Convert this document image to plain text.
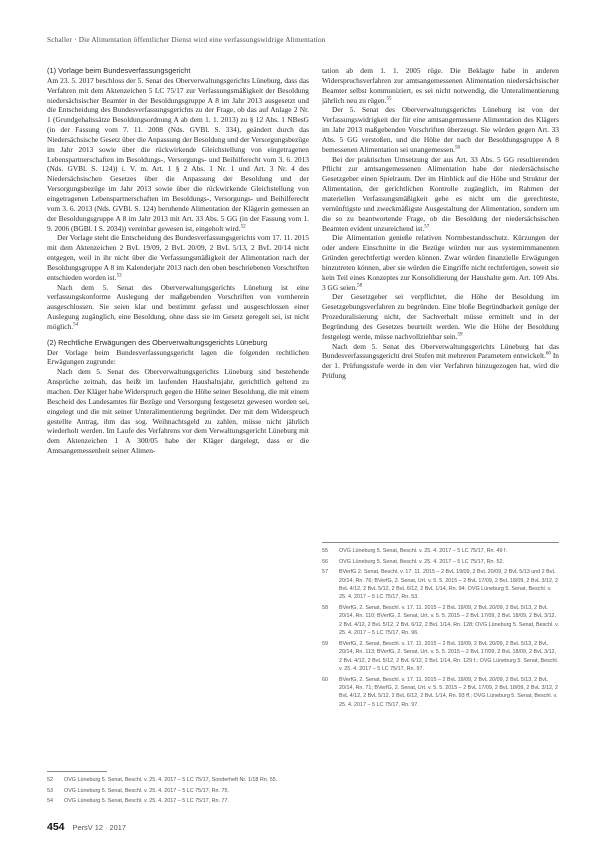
Schaller · Die Alimentation öffentlicher Dienst wird eine verfassungswidrige Alimentation
(1) Vorlage beim Bundesverfassungsgericht

Am 23. 5. 2017 beschloss der 5. Senat des Oberverwaltungsgerichts Lüneburg, dass das Verfahren mit dem Aktenzeichen 5 LC 75/17 zur Verfassungsmäßigkeit der Besoldung niedersächsischer Beamter in der Besoldungsgruppe A 8 im Jahr 2013 ausgesetzt und die Entscheidung des Bundesverfassungsgerichts zu der Frage, ob das auf Anlage 2 Nr. 1 (Grundgehaltssätze Besoldungsordnung A ab dem 1. 1. 2013) zu § 12 Abs. 1 NBesG (in der Fassung vom 7. 11. 2008 (Nds. GVBl. S. 334), geändert durch das Niedersächsische Gesetz über die Anpassung der Besoldung und der Versorgungsbezüge im Jahr 2013 sowie über die rückwirkende Gleichstellung von eingetragenen Lebenspartnerschaften im Besoldungs-, Versorgungs- und Beihilferecht vom 3. 6. 2013 (Nds. GVBl. S. 124)) i. V. m. Art. 1 § 2 Abs. 1 Nr. 1 und Art. 3 Nr. 4 des Niedersächsischen Gesetzes über die Anpassung der Besoldung und der Versorgungsbezüge im Jahr 2013 sowie über die rückwirkende Gleichstellung von eingetragenen Lebenspartnerschaften im Besoldungs-, Versorgungs- und Beihilferecht vom 3. 6. 2013 (Nds. GVBl. S. 124) beruhende Alimentation der Klägerin gemessen an der Besoldungsgruppe A 8 im Jahr 2013 mit Art. 33 Abs. 5 GG (in der Fassung vom 1. 9. 2006 (BGBl. I S. 2034)) vereinbar gewesen ist, eingeholt wird.$^{52}$

Der Vorlage steht die Entscheidung des Bundesverfassungsgerichts vom 17. 11. 2015 mit dem Aktenzeichen 2 BvL 19/09, 2 BvL 20/09, 2 BvL 5/13, 2 BvL 20/14 nicht entgegen, weil in ihr nicht über die Verfassungsmäßigkeit der Alimentation nach der Besoldungsgruppe A 8 im Kalenderjahr 2013 nach den oben beschriebenen Vorschriften entschieden worden ist.$^{53}$

Nach dem 5. Senat des Oberverwaltungsgerichts Lüneburg ist eine verfassungskonforme Auslegung der maßgebenden Vorschriften von vornherein ausgeschlossen. Sie seien klar und bestimmt gefasst und ausgeschlossen einer Auslegung zugänglich, eine Besoldung, ohne dass sie im Gesetz geregelt sei, ist nicht möglich.$^{54}$

(2) Rechtliche Erwägungen des Oberverwaltungsgerichts Lüneburg

Der Vorlage beim Bundesverfassungsgericht lagen die folgenden rechtlichen Erwägungen zugrunde:

Nach dem 5. Senat des Oberverwaltungsgerichts Lüneburg sind bestehende Ansprüche zeitnah, das heißt im laufenden Haushaltsjahr, gerichtlich geltend zu machen. Der Kläger habe Widerspruch gegen die Höhe seiner Besoldung, die mit einem Bescheid des Landesamtes für Bezüge und Versorgung festgesetzt gewesen worden sei, eingelegt und die mit seiner Unteralimentierung begründet. Der mit dem Widerspruch gestellte Antrag, ihm das sog. Weihnachtsgeld zu zahlen, müsse nicht jährlich wiederholt werden. Im Laufe des Verfahrens vor dem Verwaltungsgericht Lüneburg mit dem Aktenzeichen 1 A 300/05 habe der Kläger dargelegt, dass er die Amtsangemessenheit seiner Alimen-

52	OVG Lüneburg 5. Senat, Beschl. v. 25. 4. 2017 – 5 LC 75/17, Sonderheft Nr. 1/18 Rn. 55.
53	OVG Lüneburg 5. Senat, Beschl. v. 25. 4. 2017 – 5 LC 75/17, Rn. 75.
54	OVG Lüneburg 5. Senat, Beschl. v. 25. 4. 2017 – 5 LC 75/17, Rn. 77.

tation ab dem 1. 1. 2005 rüge. Die Beklagte habe in anderen Widerspruchsverfahren zur amtsangemessenen Alimentation niedersächsischer Beamter selbst kommuniziert, es sei nicht notwendig, die Unteralimentierung jährlich neu zu rügen.$^{55}$

Der 5. Senat des Oberverwaltungsgerichts Lüneburg ist von der Verfassungswidrigkeit der für eine amtsangemessene Alimentation des Klägers im Jahr 2013 maßgebenden Vorschriften überzeugt. Sie würden gegen Art. 33 Abs. 5 GG verstoßen, und die Höhe der nach der Besoldungsgruppe A 8 bemessenen Alimentation sei unangemessen.$^{56}$

Bei der praktischen Umsetzung der aus Art. 33 Abs. 5 GG resultierenden Pflicht zur amtsangemessenen Alimentation habe der niedersächsische Gesetzgeber einen Spielraum. Der im Hinblick auf die Höhe und Struktur der Alimentation, der gerichtlichen Kontrolle zugänglich, im Rahmen der materiellen Verfassungsmäßigkeit gehe es nicht um die gerechteste, vernünftigste und zweckmäßigste Ausgestaltung der Alimentation, sondern um die so zu beantwortende Frage, ob die Besoldung der niedersächsischen Beamten evident unzureichend ist.$^{57}$

Die Alimentation genieße relativen Normbestandsschutz. Kürzungen der oder andere Einschnitte in die Bezüge würden nur aus systemimmanenten Gründen gerechtfertigt werden können. Zwar würden finanzielle Erwägungen hinzutreten können, aber sie würden die Eingriffe nicht rechtfertigen, soweit sie kein Teil eines Konzeptes zur Konsolidierung der Haushalte gem. Art. 109 Abs. 3 GG seien.$^{58}$

Der Gesetzgeber sei verpflichtet, die Höhe der Besoldung im Gesetzgebungsverfahren zu begründen. Eine bloße Begründbarkeit genüge der Prozeduralisierung nicht, der Sachverhalt müsse ermittelt und in der Begründung des Gesetzes beurteilt werden. Wie die Höhe der Besoldung festgelegt werde, müsse nachvollziehbar sein.$^{59}$

Nach dem 5. Senat des Oberverwaltungsgerichts Lüneburg hat das Bundesverfassungsgericht drei Stufen mit mehreren Parametern entwickelt.$^{60}$ In der 1. Prüfungsstufe werde in den vier Verfahren hinzugezogen hat, wird die Prüfung

55	OVG Lüneburg 5. Senat, Beschl. v. 25. 4. 2017 – 5 LC 75/17, Rn. 49 f.
56	OVG Lüneburg 5. Senat, Beschl. v. 25. 4. 2017 – 5 LC 75/17, Rn. 52.
57	BVerfG 2. Senat, Beschl. v. 17. 11. 2015 – 2 BvL 19/09, 2 BvL 20/09, 2 BvL 5/13 und 2 BvL 20/14, Rn. 76; BVerfG, 2. Senat, Urt. v. 5. 5. 2015 – 2 BvL 17/09, 2 BvL 18/09, 2 BvL 3/12, 2 BvL 4/12, 2 BvL 5/12, 2 BvL 6/12, 2 BvL 1/14, Rn. 94; OVG Lüneburg 5. Senat, Beschl. v. 25. 4. 2017 – 5 LC 75/17, Rn. 53.
58	BVerfG, 2. Senat, Beschl. v. 17. 11. 2015 – 2 BvL 19/09, 2 BvL 20/09, 2 BvL 5/13, 2 BvL 20/14, Rn. 110; BVerfG, 2. Senat, Urt. v. 5. 5. 2015 – 2 BvL 17/09, 2 BvL 18/09, 2 BvL 3/12, 2 BvL 4/12, 2 BvL 5/12, 2 BvL 6/12, 2 BvL 1/14, Rn. 128; OVG Lüneburg 5. Senat, Beschl. v. 25. 4. 2017 – 5 LC 75/17, Rn. 96.
59	BVerfG, 2. Senat, Beschl. v. 17. 11. 2015 – 2 BvL 19/09, 2 BvL 20/09, 2 BvL 5/13, 2 BvL 20/14, Rn. 113; BVerfG, 2. Senat, Urt. v. 5. 5. 2015 – 2 BvL 17/09, 2 BvL 18/09, 2 BvL 3/12, 2 BvL 4/12, 2 BvL 5/12, 2 BvL 6/12, 2 BvL 1/14, Rn. 129 f.; OVG Lüneburg 5. Senat, Beschl. v. 25. 4. 2017 – 5 LC 75/17, Rn. 97.
60	BVerfG, 2. Senat, Beschl. v. 17. 11. 2015 – 2 BvL 19/09, 2 BvL 20/09, 2 BvL 5/13, 2 BvL 20/14, Rn. 71; BVerfG, 2. Senat, Urt. v. 5. 5. 2015 – 2 BvL 17/09, 2 BvL 18/09, 2 BvL 3/12, 2 BvL 4/12, 2 BvL 5/12, 2 BvL 6/12, 2 BvL 1/14, Rn. 93 ff.; OVG Lüneburg 5. Senat, Beschl. v. 25. 4. 2017 – 5 LC 75/17, Rn. 97.
454 PersV 12 · 2017
